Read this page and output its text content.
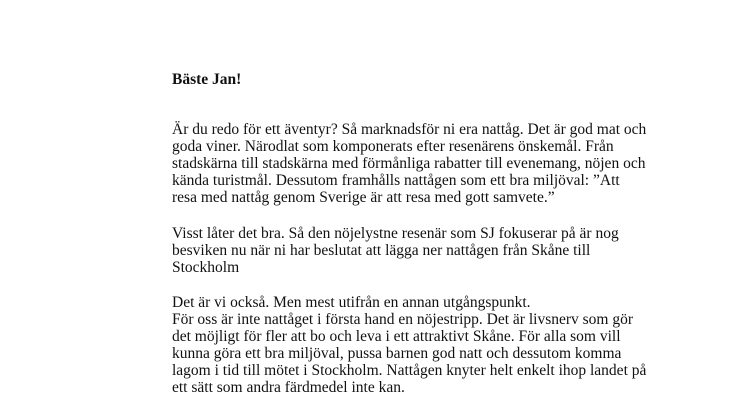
Bäste Jan!
Är du redo för ett äventyr? Så marknadsför ni era nattåg. Det är god mat och
goda viner. Närodlat som komponerats efter resenärens önskemål. Från
stadskärna till stadskärna med förmånliga rabatter till evenemang, nöjen och
kända turistmål. Dessutom framhålls nattågen som ett bra miljöval: ”Att
resa med nattåg genom Sverige är att resa med gott samvete.”
Visst låter det bra. Så den nöjelystne resenär som SJ fokuserar på är nog
besviken nu när ni har beslutat att lägga ner nattågen från Skåne till
Stockholm
Det är vi också. Men mest utifrån en annan utgångspunkt.
För oss är inte nattåget i första hand en nöjestripp. Det är livsnerv som gör
det möjligt för fler att bo och leva i ett attraktivt Skåne. För alla som vill
kunna göra ett bra miljöval, pussa barnen god natt och dessutom komma
lagom i tid till mötet i Stockholm. Nattågen knyter helt enkelt ihop landet på
ett sätt som andra färdmedel inte kan.
